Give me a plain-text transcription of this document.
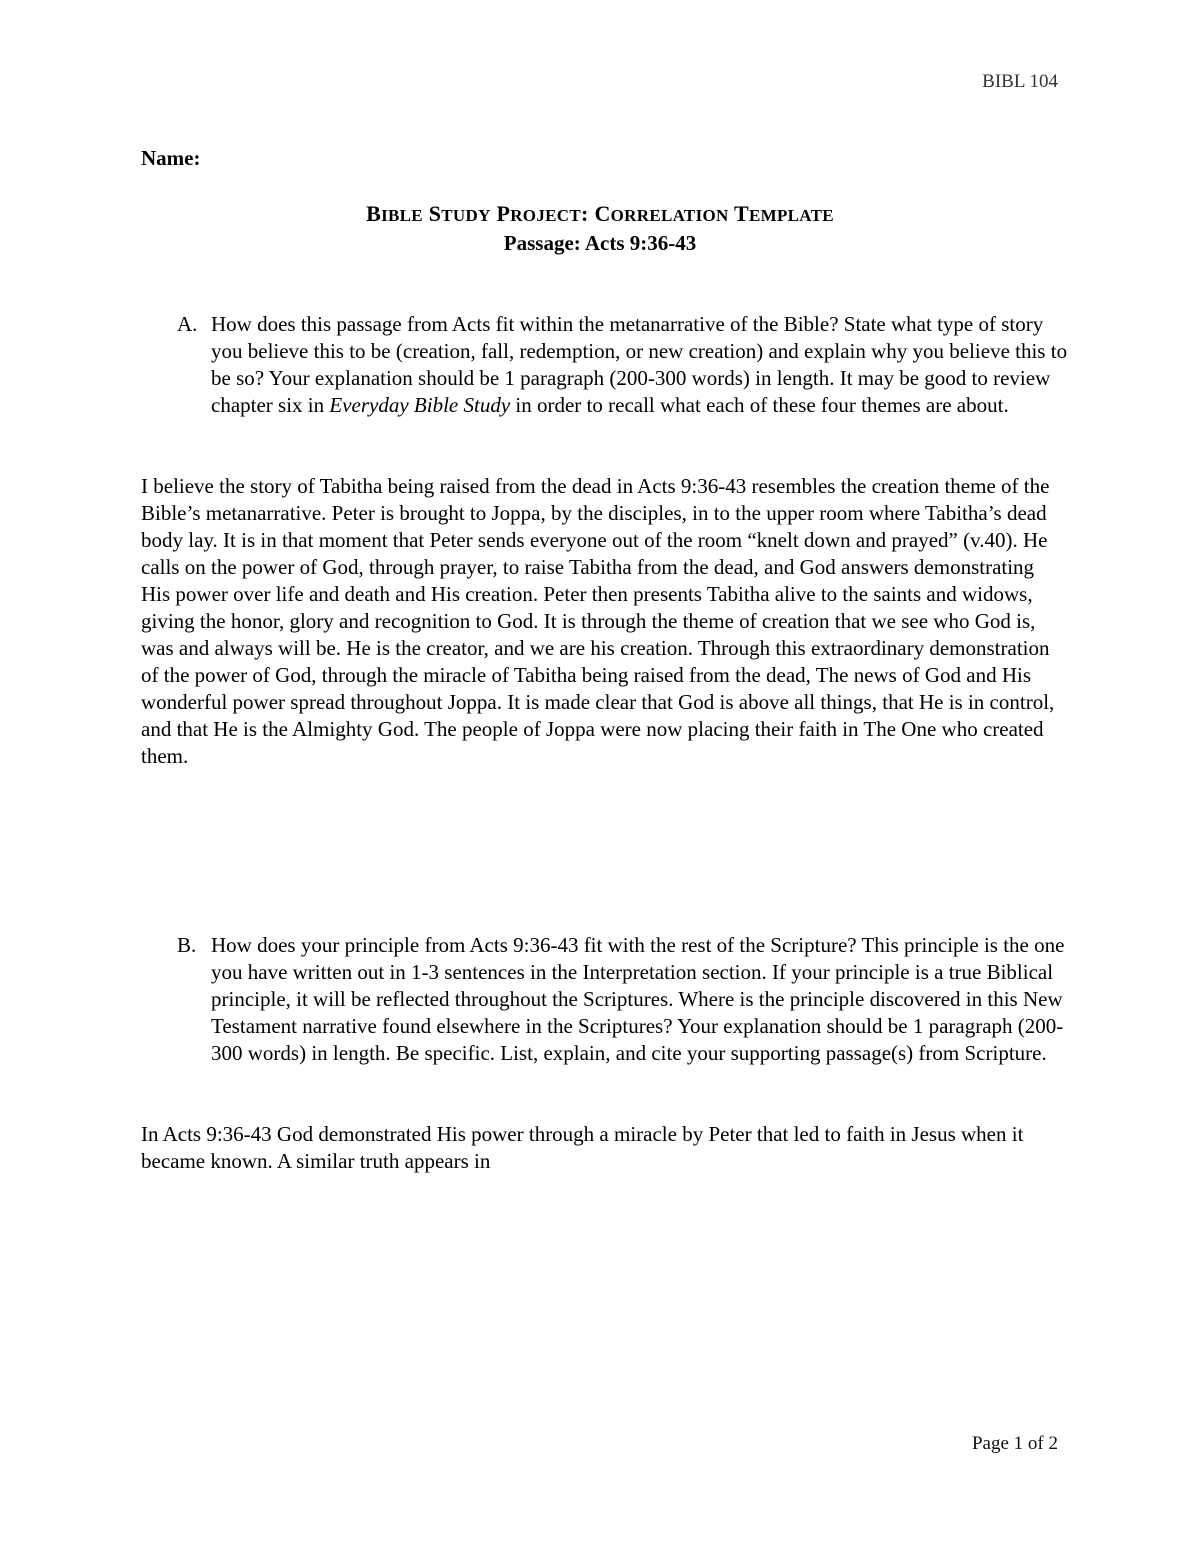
BIBL 104
Name:
BIBLE STUDY PROJECT: CORRELATION TEMPLATE
Passage: Acts 9:36-43
A. How does this passage from Acts fit within the metanarrative of the Bible? State what type of story you believe this to be (creation, fall, redemption, or new creation) and explain why you believe this to be so? Your explanation should be 1 paragraph (200-300 words) in length. It may be good to review chapter six in Everyday Bible Study in order to recall what each of these four themes are about.
I believe the story of Tabitha being raised from the dead in Acts 9:36-43 resembles the creation theme of the Bible’s metanarrative. Peter is brought to Joppa, by the disciples, in to the upper room where Tabitha’s dead body lay. It is in that moment that Peter sends everyone out of the room “knelt down and prayed” (v.40). He calls on the power of God, through prayer, to raise Tabitha from the dead, and God answers demonstrating His power over life and death and His creation. Peter then presents Tabitha alive to the saints and widows, giving the honor, glory and recognition to God. It is through the theme of creation that we see who God is, was and always will be. He is the creator, and we are his creation. Through this extraordinary demonstration of the power of God, through the miracle of Tabitha being raised from the dead, The news of God and His wonderful power spread throughout Joppa. It is made clear that God is above all things, that He is in control, and that He is the Almighty God. The people of Joppa were now placing their faith in The One who created them.
B. How does your principle from Acts 9:36-43 fit with the rest of the Scripture? This principle is the one you have written out in 1-3 sentences in the Interpretation section. If your principle is a true Biblical principle, it will be reflected throughout the Scriptures. Where is the principle discovered in this New Testament narrative found elsewhere in the Scriptures? Your explanation should be 1 paragraph (200-300 words) in length. Be specific. List, explain, and cite your supporting passage(s) from Scripture.
In Acts 9:36-43 God demonstrated His power through a miracle by Peter that led to faith in Jesus when it became known. A similar truth appears in
Page 1 of 2
